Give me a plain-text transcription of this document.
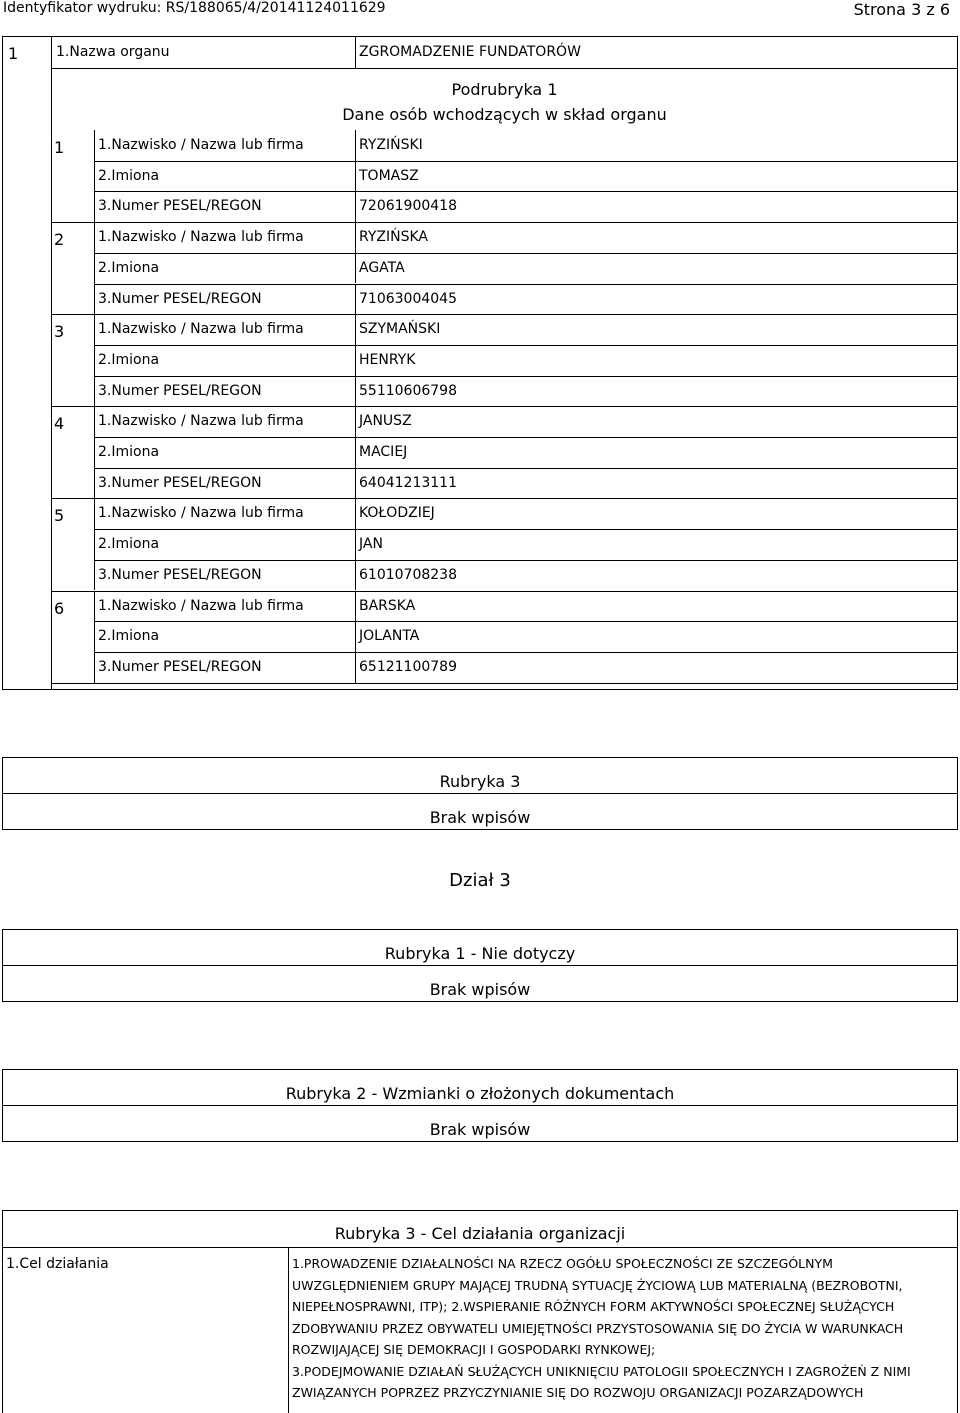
Identyfikator wydruku: RS/188065/4/20141124011629	Strona 3 z 6
1	1.Nazwa organu	ZGROMADZENIE FUNDATORÓW
Podrubryka 1
Dane osób wchodzących w skład organu
1 1.Nazwisko / Nazwa lub firma	RYZIŃSKI
2.Imiona	TOMASZ
3.Numer PESEL/REGON	72061900418
2 1.Nazwisko / Nazwa lub firma	RYZIŃSKA
2.Imiona	AGATA
3.Numer PESEL/REGON	71063004045
3 1.Nazwisko / Nazwa lub firma	SZYMAŃSKI
2.Imiona	HENRYK
3.Numer PESEL/REGON	55110606798
4 1.Nazwisko / Nazwa lub firma	JANUSZ
2.Imiona	MACIEJ
3.Numer PESEL/REGON	64041213111
5 1.Nazwisko / Nazwa lub firma	KOŁODZIEJ
2.Imiona	JAN
3.Numer PESEL/REGON	61010708238
6 1.Nazwisko / Nazwa lub firma	BARSKA
2.Imiona	JOLANTA
3.Numer PESEL/REGON	65121100789
Rubryka 3
Brak wpisów
Dział 3
Rubryka 1 - Nie dotyczy
Brak wpisów
Rubryka 2 - Wzmianki o złożonych dokumentach
Brak wpisów
Rubryka 3 - Cel działania organizacji
1.Cel działania	1.PROWADZENIE DZIAŁALNOŚCI NA RZECZ OGÓŁU SPOŁECZNOŚCI ZE SZCZEGÓLNYM
UWZGLĘDNIENIEM GRUPY MAJĄCEJ TRUDNĄ SYTUACJĘ ŻYCIOWĄ LUB MATERIALNĄ (BEZROBOTNI,
NIEPEŁNOSPRAWNI, ITP); 2.WSPIERANIE RÓŻNYCH FORM AKTYWNOŚCI SPOŁECZNEJ SŁUŻĄCYCH
ZDOBYWANIU PRZEZ OBYWATELI UMIEJĘTNOŚCI PRZYSTOSOWANIA SIĘ DO ŻYCIA W WARUNKACH
ROZWIJAJĄCEJ SIĘ DEMOKRACJI I GOSPODARKI RYNKOWEJ;
3.PODEJMOWANIE DZIAŁAŃ SŁUŻĄCYCH UNIKNIĘCIU PATOLOGII SPOŁECZNYCH I ZAGROŻEŃ Z NIMI
ZWIĄZANYCH POPRZEZ PRZYCZYNIANIE SIĘ DO ROZWOJU ORGANIZACJI POZARZĄDOWYCH
